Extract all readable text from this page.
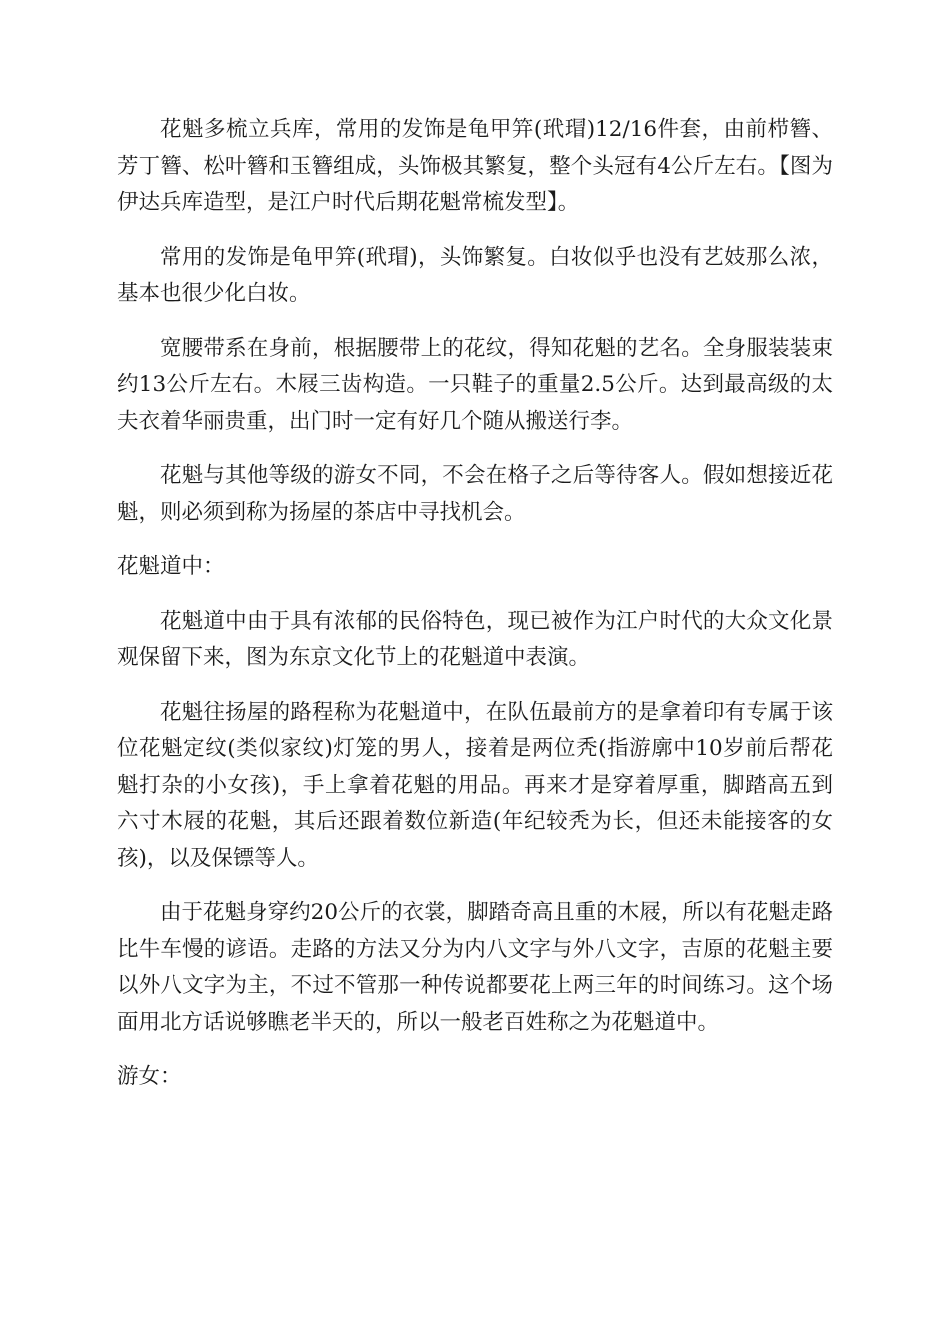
花魁多梳立兵库，常用的发饰是龟甲笄(玳瑁)12/16件套，由前栉簪、芳丁簪、松叶簪和玉簪组成，头饰极其繁复，整个头冠有4公斤左右。【图为伊达兵库造型，是江户时代后期花魁常梳发型】。

常用的发饰是龟甲笄(玳瑁)，头饰繁复。白妆似乎也没有艺妓那么浓，基本也很少化白妆。

宽腰带系在身前，根据腰带上的花纹，得知花魁的艺名。全身服装装束约13公斤左右。木屐三齿构造。一只鞋子的重量2.5公斤。达到最高级的太夫衣着华丽贵重，出门时一定有好几个随从搬送行李。

花魁与其他等级的游女不同，不会在格子之后等待客人。假如想接近花魁，则必须到称为扬屋的茶店中寻找机会。

花魁道中：

花魁道中由于具有浓郁的民俗特色，现已被作为江户时代的大众文化景观保留下来，图为东京文化节上的花魁道中表演。

花魁往扬屋的路程称为花魁道中，在队伍最前方的是拿着印有专属于该位花魁定纹(类似家纹)灯笼的男人，接着是两位秃(指游廓中10岁前后帮花魁打杂的小女孩)，手上拿着花魁的用品。再来才是穿着厚重，脚踏高五到六寸木屐的花魁，其后还跟着数位新造(年纪较秃为长，但还未能接客的女孩)，以及保镖等人。

由于花魁身穿约20公斤的衣裳，脚踏奇高且重的木屐，所以有花魁走路比牛车慢的谚语。走路的方法又分为内八文字与外八文字，吉原的花魁主要以外八文字为主，不过不管那一种传说都要花上两三年的时间练习。这个场面用北方话说够瞧老半天的，所以一般老百姓称之为花魁道中。

游女：
